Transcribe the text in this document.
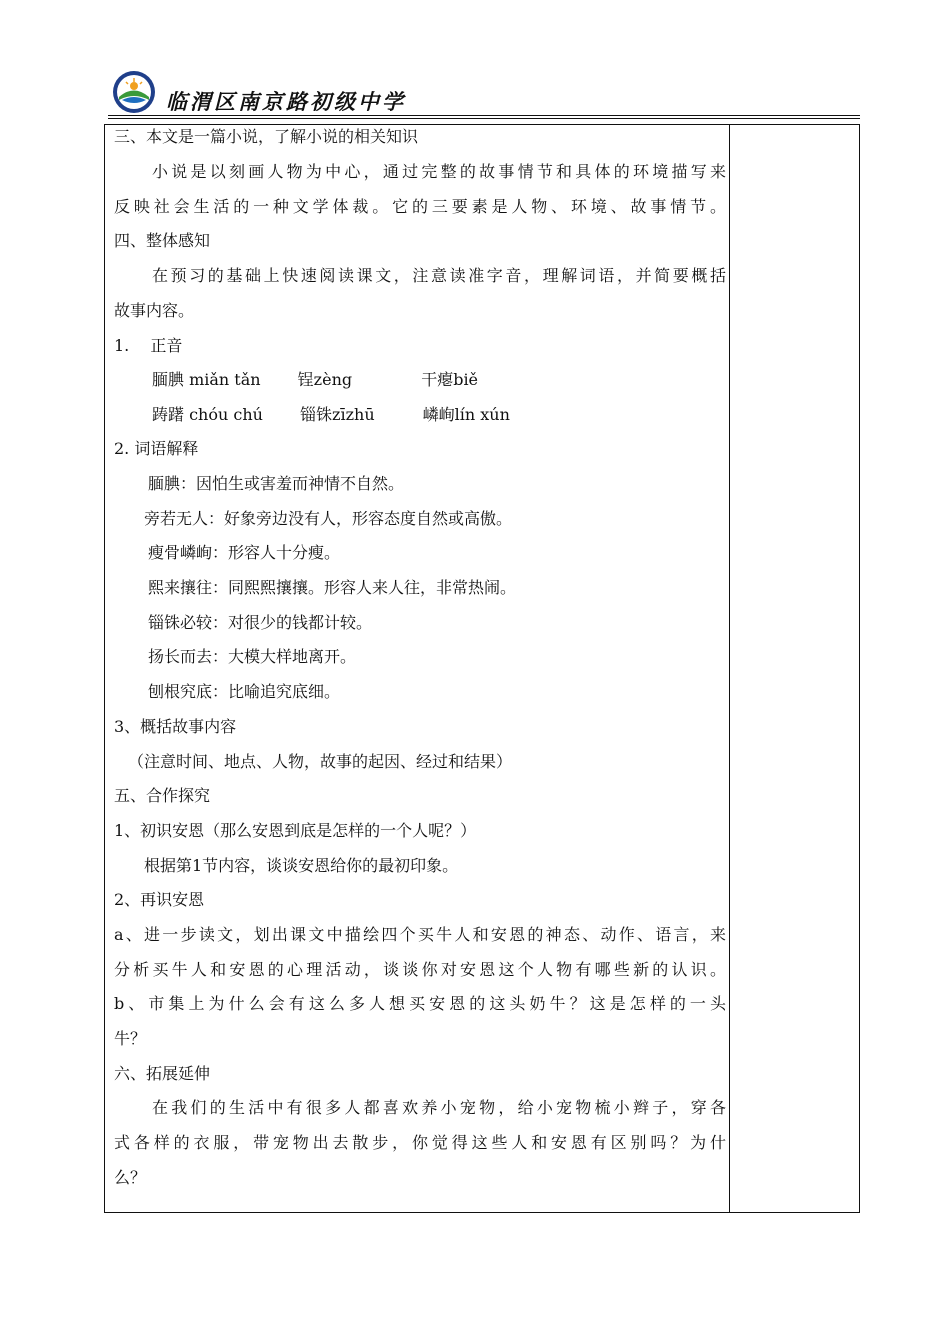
临渭区南京路初级中学
三、本文是一篇小说，了解小说的相关知识
小说是以刻画人物为中心，通过完整的故事情节和具体的环境描写来
反映社会生活的一种文学体裁。它的三要素是人物、环境、故事情节。
四、整体感知
在预习的基础上快速阅读课文，注意读准字音，理解词语，并简要概括
故事内容。
1.　 正音
腼腆 miǎn tǎn　　 锃zèng　　　　 干瘪biě
踌躇 chóu chú　　 锱铢zīzhū　　　嶙峋lín xún
2. 词语解释
腼腆：因怕生或害羞而神情不自然。
旁若无人：好象旁边没有人，形容态度自然或高傲。
瘦骨嶙峋：形容人十分瘦。
熙来攘往：同熙熙攘攘。形容人来人往，非常热闹。
锱铢必较：对很少的钱都计较。
扬长而去：大模大样地离开。
刨根究底：比喻追究底细。
3、概括故事内容
（注意时间、地点、人物，故事的起因、经过和结果）
五、合作探究
1、初识安恩（那么安恩到底是怎样的一个人呢？）
根据第1节内容，谈谈安恩给你的最初印象。
2、再识安恩
a、进一步读文，划出课文中描绘四个买牛人和安恩的神态、动作、语言，来
分析买牛人和安恩的心理活动，谈谈你对安恩这个人物有哪些新的认识。
b、市集上为什么会有这么多人想买安恩的这头奶牛？这是怎样的一头
牛？
六、拓展延伸
在我们的生活中有很多人都喜欢养小宠物，给小宠物梳小辫子，穿各
式各样的衣服，带宠物出去散步，你觉得这些人和安恩有区别吗？为什
么？
